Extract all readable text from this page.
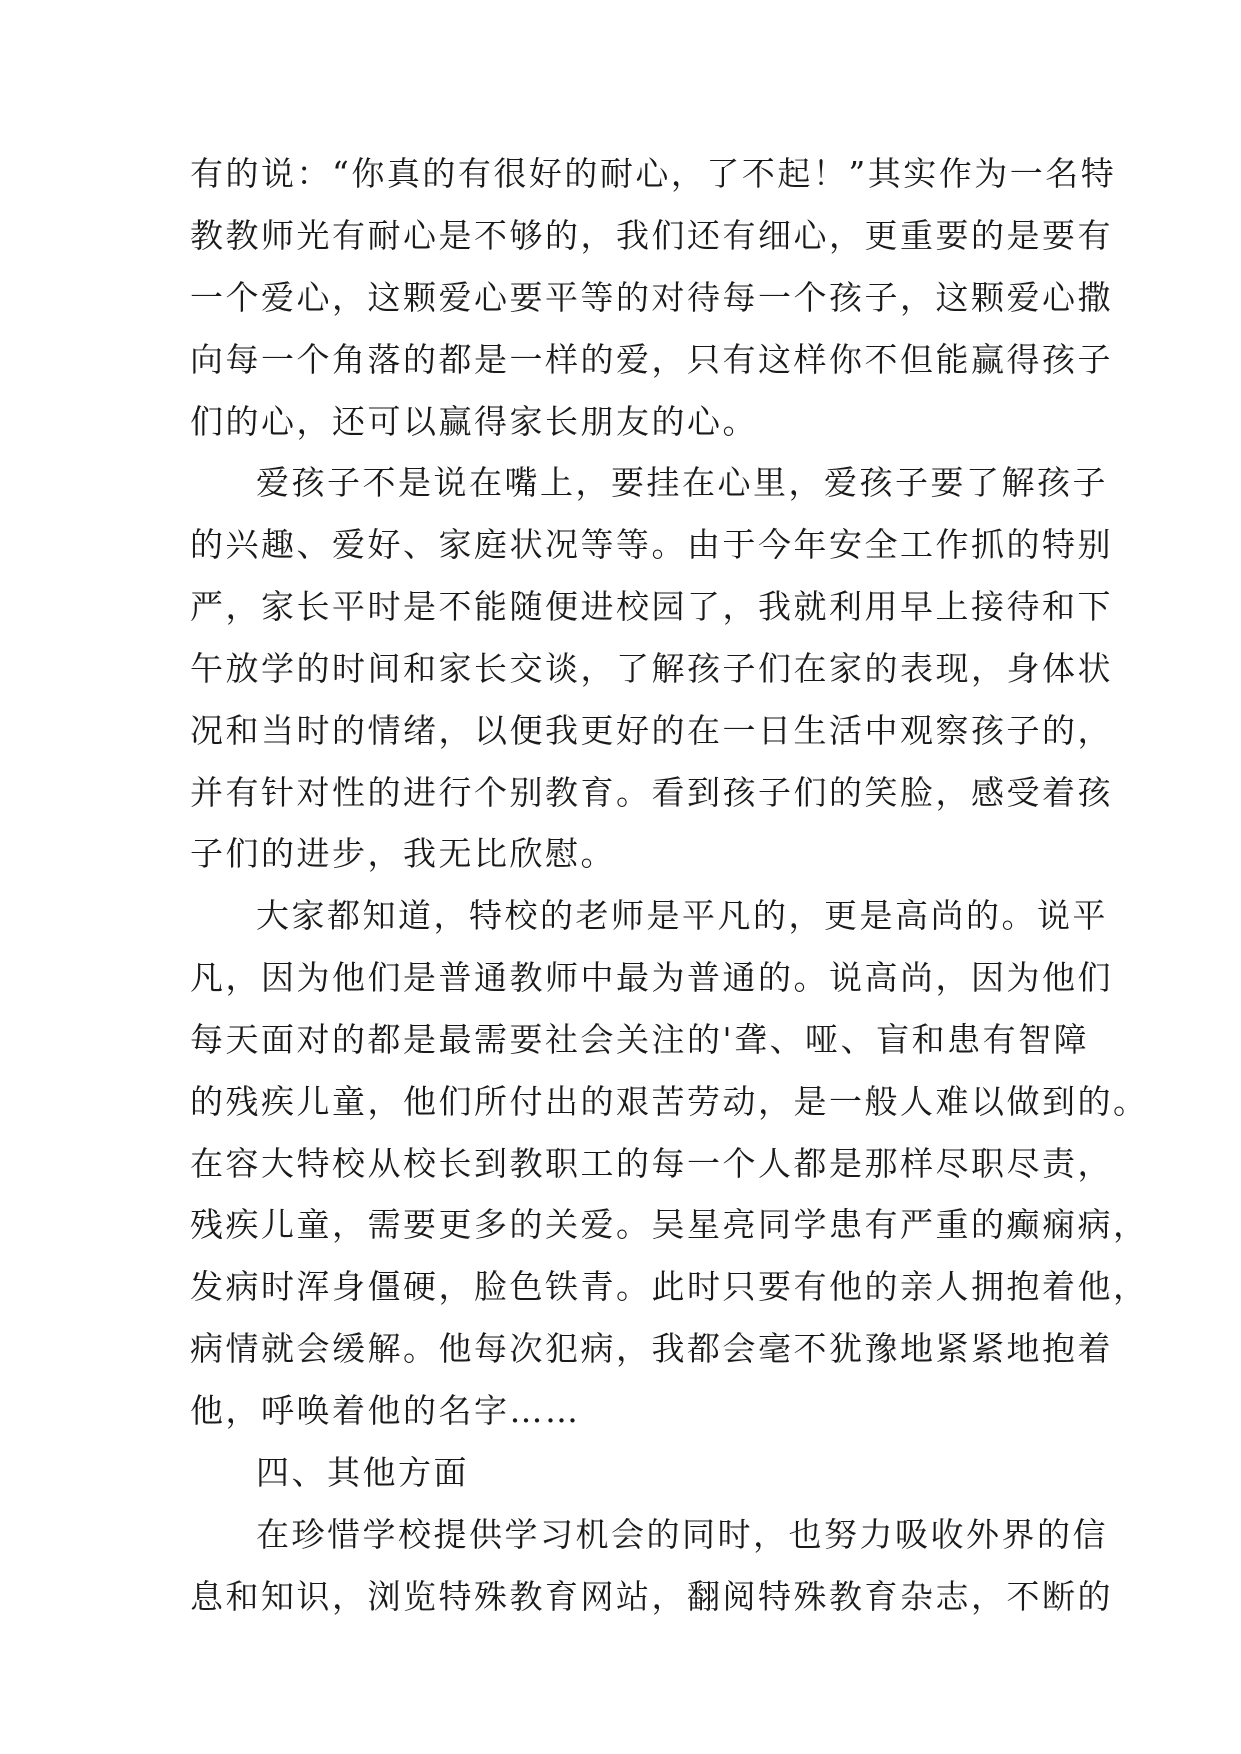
有的说：“你真的有很好的耐心，了不起！”其实作为一名特
教教师光有耐心是不够的，我们还有细心，更重要的是要有
一个爱心，这颗爱心要平等的对待每一个孩子，这颗爱心撒
向每一个角落的都是一样的爱，只有这样你不但能赢得孩子
们的心，还可以赢得家长朋友的心。
爱孩子不是说在嘴上，要挂在心里，爱孩子要了解孩子
的兴趣、爱好、家庭状况等等。由于今年安全工作抓的特别
严，家长平时是不能随便进校园了，我就利用早上接待和下
午放学的时间和家长交谈，了解孩子们在家的表现，身体状
况和当时的情绪，以便我更好的在一日生活中观察孩子的，
并有针对性的进行个别教育。看到孩子们的笑脸，感受着孩
子们的进步，我无比欣慰。
大家都知道，特校的老师是平凡的，更是高尚的。说平
凡，因为他们是普通教师中最为普通的。说高尚，因为他们
每天面对的都是最需要社会关注的'聋、哑、盲和患有智障
的残疾儿童，他们所付出的艰苦劳动，是一般人难以做到的。
在容大特校从校长到教职工的每一个人都是那样尽职尽责，
残疾儿童，需要更多的关爱。吴星亮同学患有严重的癫痫病，
发病时浑身僵硬，脸色铁青。此时只要有他的亲人拥抱着他，
病情就会缓解。他每次犯病，我都会毫不犹豫地紧紧地抱着
他，呼唤着他的名字……
四、其他方面
在珍惜学校提供学习机会的同时，也努力吸收外界的信
息和知识，浏览特殊教育网站，翻阅特殊教育杂志，不断的
